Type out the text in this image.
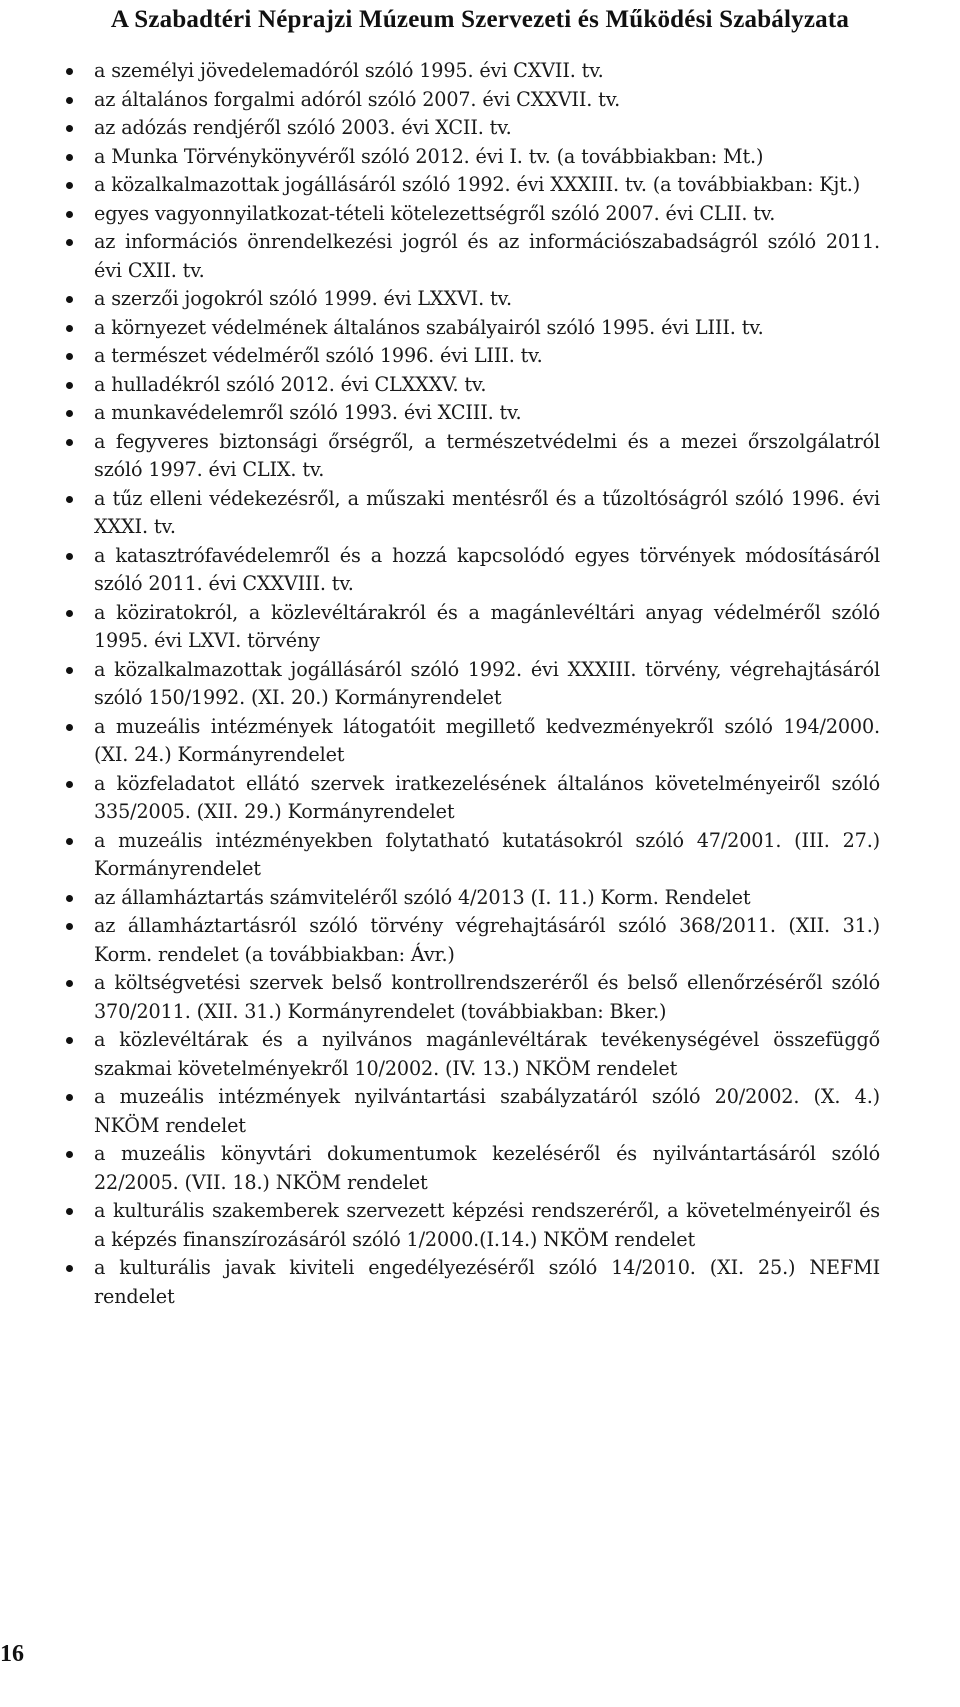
A Szabadtéri Néprajzi Múzeum Szervezeti és Működési Szabályzata
a személyi jövedelemadóról szóló 1995. évi CXVII. tv.
az általános forgalmi adóról szóló 2007. évi CXXVII. tv.
az adózás rendjéről szóló 2003. évi XCII. tv.
a Munka Törvénykönyvéről szóló 2012. évi I. tv. (a továbbiakban: Mt.)
a közalkalmazottak jogállásáról szóló 1992. évi XXXIII. tv. (a továbbiakban: Kjt.)
egyes vagyonnyilatkozat-tételi kötelezettségről szóló 2007. évi CLII. tv.
az információs önrendelkezési jogról és az információszabadságról szóló 2011. évi CXII. tv.
a szerzői jogokról szóló 1999. évi LXXVI. tv.
a környezet védelmének általános szabályairól szóló 1995. évi LIII. tv.
a természet védelméről szóló 1996. évi LIII. tv.
a hulladékról szóló 2012. évi CLXXXV. tv.
a munkavédelemről szóló 1993. évi XCIII. tv.
a fegyveres biztonsági őrségről, a természetvédelmi és a mezei őrszolgálatról szóló 1997. évi CLIX. tv.
a tűz elleni védekezésről, a műszaki mentésről és a tűzoltóságról szóló 1996. évi XXXI. tv.
a katasztrófavédelemről és a hozzá kapcsolódó egyes törvények módosításáról szóló 2011. évi CXXVIII. tv.
a köziratokról, a közlevéltárakról és a magánlevéltári anyag védelméről szóló 1995. évi LXVI. törvény
a közalkalmazottak jogállásáról szóló 1992. évi XXXIII. törvény, végrehajtásáról szóló 150/1992. (XI. 20.) Kormányrendelet
a muzeális intézmények látogatóit megillető kedvezményekről szóló 194/2000. (XI. 24.) Kormányrendelet
a közfeladatot ellátó szervek iratkezelésének általános követelményeiről szóló 335/2005. (XII. 29.) Kormányrendelet
a muzeális intézményekben folytatható kutatásokról szóló 47/2001. (III. 27.) Kormányrendelet
az államháztartás számviteléről szóló 4/2013 (I. 11.) Korm. Rendelet
az államháztartásról szóló törvény végrehajtásáról szóló 368/2011. (XII. 31.) Korm. rendelet (a továbbiakban: Ávr.)
a költségvetési szervek belső kontrollrendszeréről és belső ellenőrzéséről szóló 370/2011. (XII. 31.) Kormányrendelet (továbbiakban: Bker.)
a közlevéltárak és a nyilvános magánlevéltárak tevékenységével összefüggő szakmai követelményekről 10/2002. (IV. 13.) NKÖM rendelet
a muzeális intézmények nyilvántartási szabályzatáról szóló 20/2002. (X. 4.) NKÖM rendelet
a muzeális könyvtári dokumentumok kezeléséről és nyilvántartásáról szóló 22/2005. (VII. 18.) NKÖM rendelet
a kulturális szakemberek szervezett képzési rendszeréről, a követelményeiről és a képzés finanszírozásáról szóló 1/2000.(I.14.) NKÖM rendelet
a kulturális javak kiviteli engedélyezéséről szóló 14/2010. (XI. 25.) NEFMI rendelet
16
